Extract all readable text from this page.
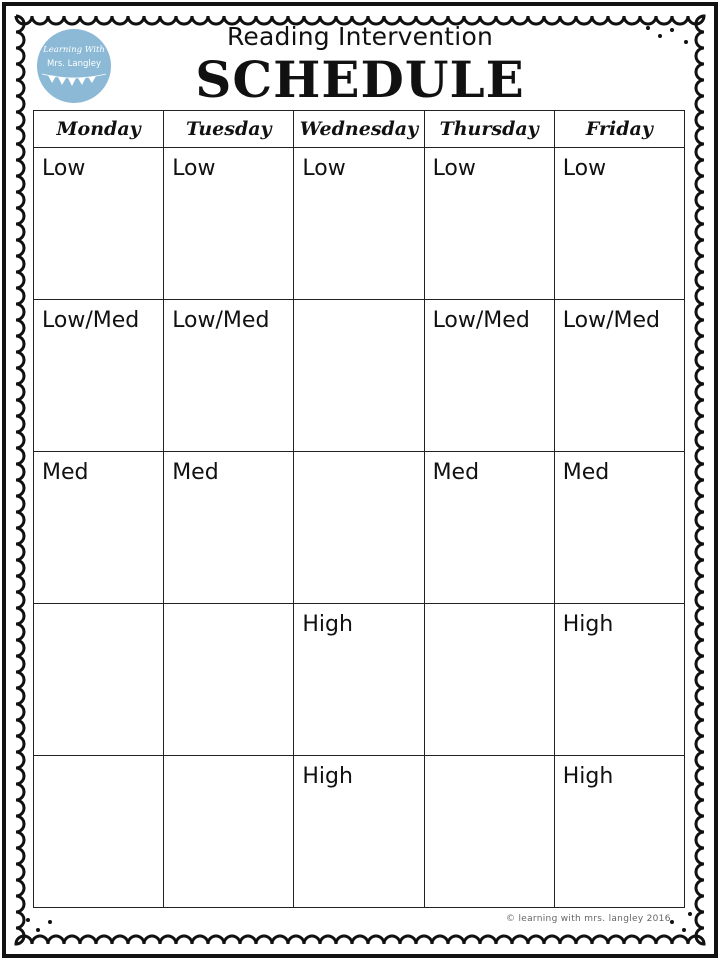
Learning With
Mrs. Langley
Reading Intervention
SCHEDULE
Monday	Tuesday	Wednesday	Thursday	Friday

Low	Low	Low	Low	Low

Low/Med	Low/Med		Low/Med	Low/Med

Med	Med		Med	Med

		High		High

		High		High
© learning with mrs. langley 2016
